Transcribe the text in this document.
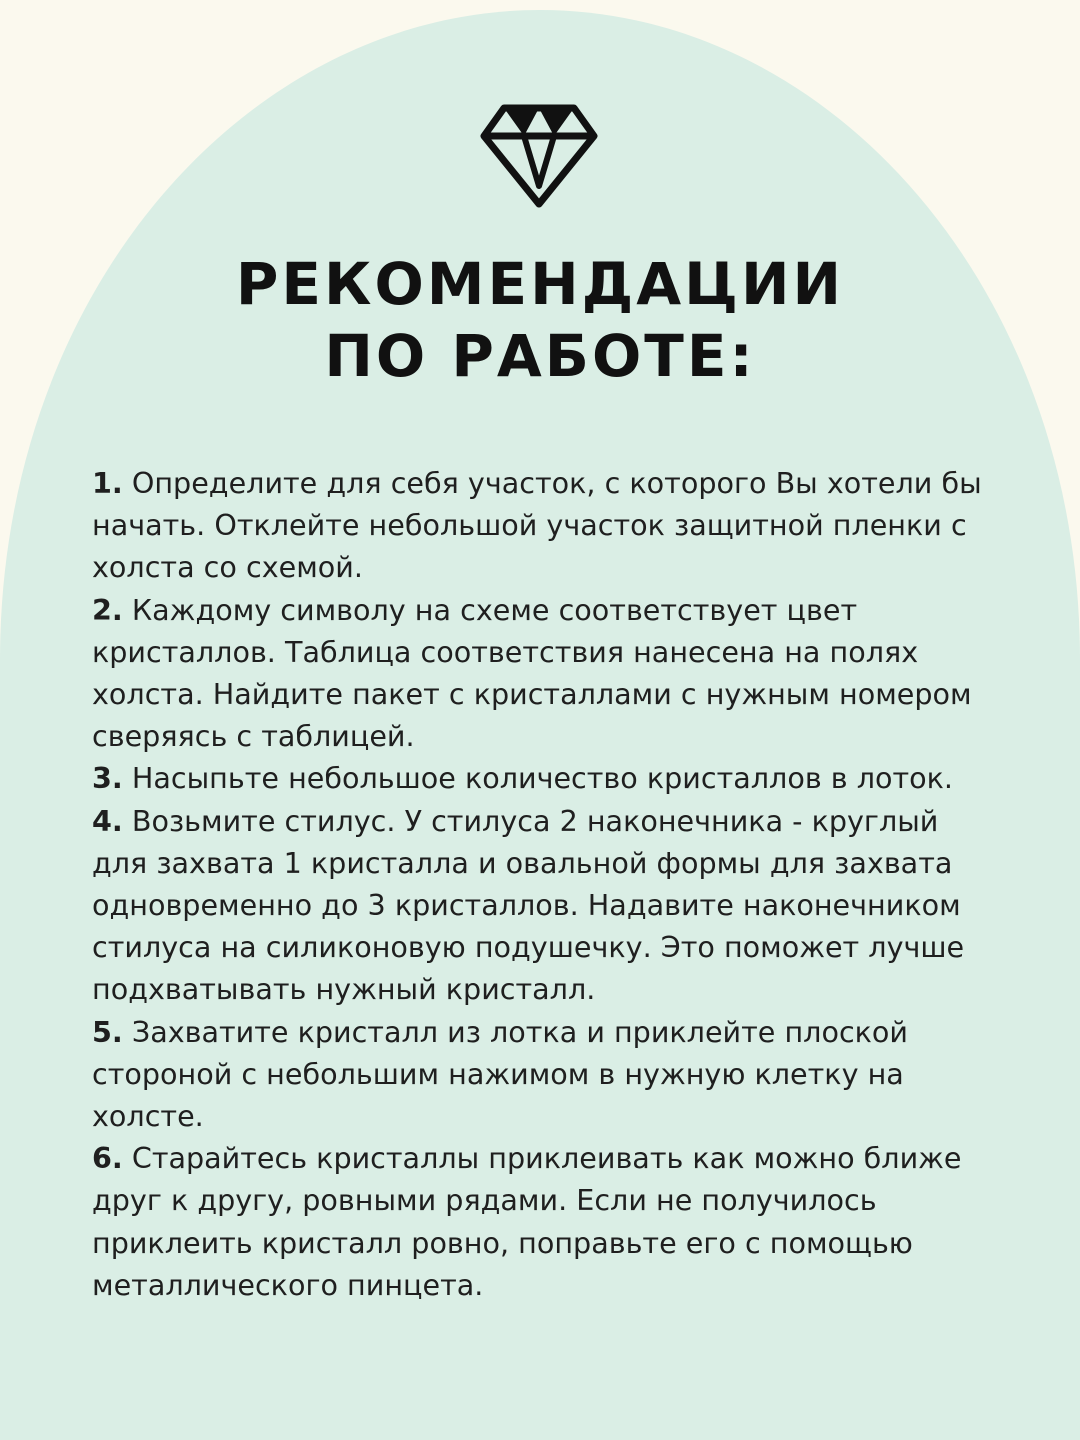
РЕКОМЕНДАЦИИ
ПО РАБОТЕ:
1. Определите для себя участок, с которого Вы хотели бы начать. Отклейте небольшой участок защитной пленки с холста со схемой.
2. Каждому символу на схеме соответствует цвет кристаллов. Таблица соответствия нанесена на полях холста. Найдите пакет с кристаллами с нужным номером сверяясь с таблицей.
3. Насыпьте небольшое количество кристаллов в лоток.
4. Возьмите стилус. У стилуса 2 наконечника - круглый для захвата 1 кристалла и овальной формы для захвата одновременно до 3 кристаллов. Надавите наконечником стилуса на силиконовую подушечку. Это поможет лучше подхватывать нужный кристалл.
5. Захватите кристалл из лотка и приклейте плоской стороной с небольшим нажимом в нужную клетку на холсте.
6. Старайтесь кристаллы приклеивать как можно ближе друг к другу, ровными рядами. Если не получилось приклеить кристалл ровно, поправьте его с помощью металлического пинцета.
